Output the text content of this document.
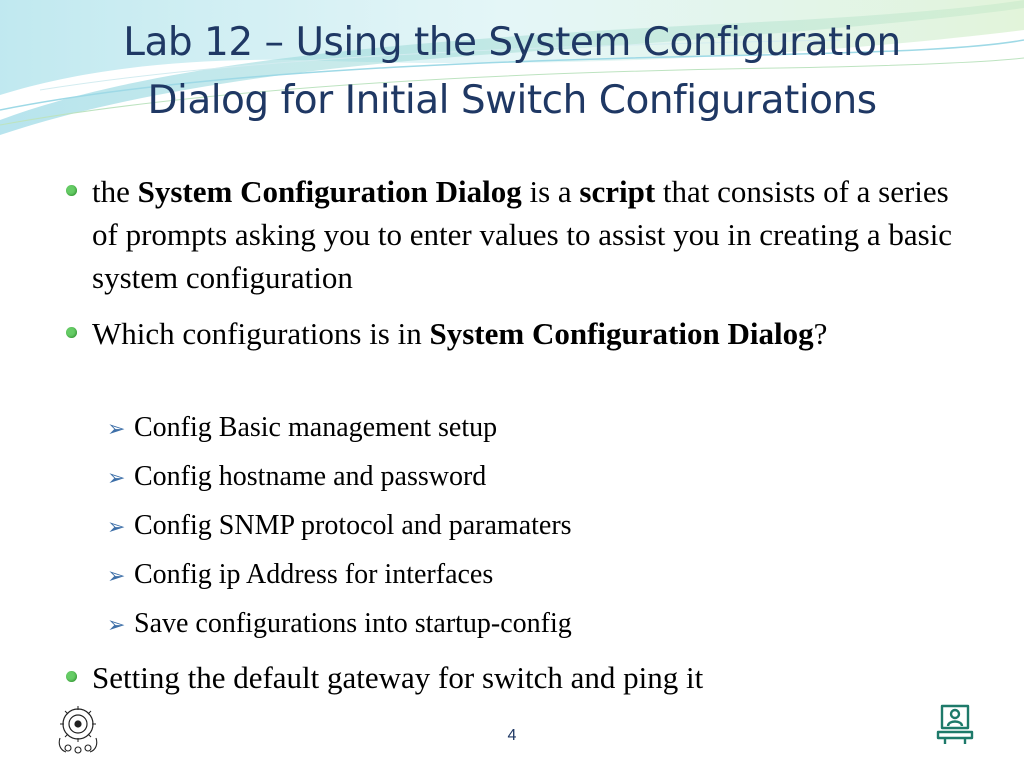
Lab 12 – Using the System Configuration
Dialog for Initial Switch Configurations
the System Configuration Dialog is a script that consists of a series of prompts asking you to enter values to assist you in creating a basic system configuration
Which configurations is in System Configuration Dialog?
➢ Config Basic management setup
➢ Config hostname and password
➢ Config SNMP protocol and paramaters
➢ Config ip Address for interfaces
➢ Save configurations into startup-config
Setting the default gateway for switch and ping it
4
